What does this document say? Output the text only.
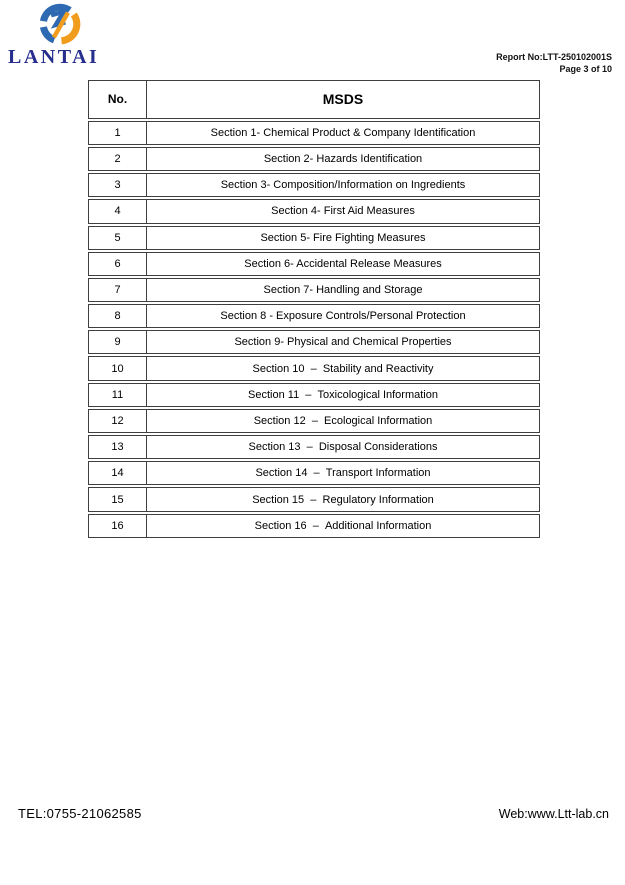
LANTAI	Report No:LTT-250102001S
Page 3 of 10
No.	MSDS
1	Section 1- Chemical Product & Company Identification
2	Section 2- Hazards Identification
3	Section 3- Composition/Information on Ingredients
4	Section 4- First Aid Measures
5	Section 5- Fire Fighting Measures
6	Section 6- Accidental Release Measures
7	Section 7- Handling and Storage
8	Section 8 - Exposure Controls/Personal Protection
9	Section 9- Physical and Chemical Properties
10	Section 10  –  Stability and Reactivity
11	Section 11  –  Toxicological Information
12	Section 12  –  Ecological Information
13	Section 13  –  Disposal Considerations
14	Section 14  –  Transport Information
15	Section 15  –  Regulatory Information
16	Section 16  –  Additional Information
TEL:0755-21062585	Web:www.Ltt-lab.cn
